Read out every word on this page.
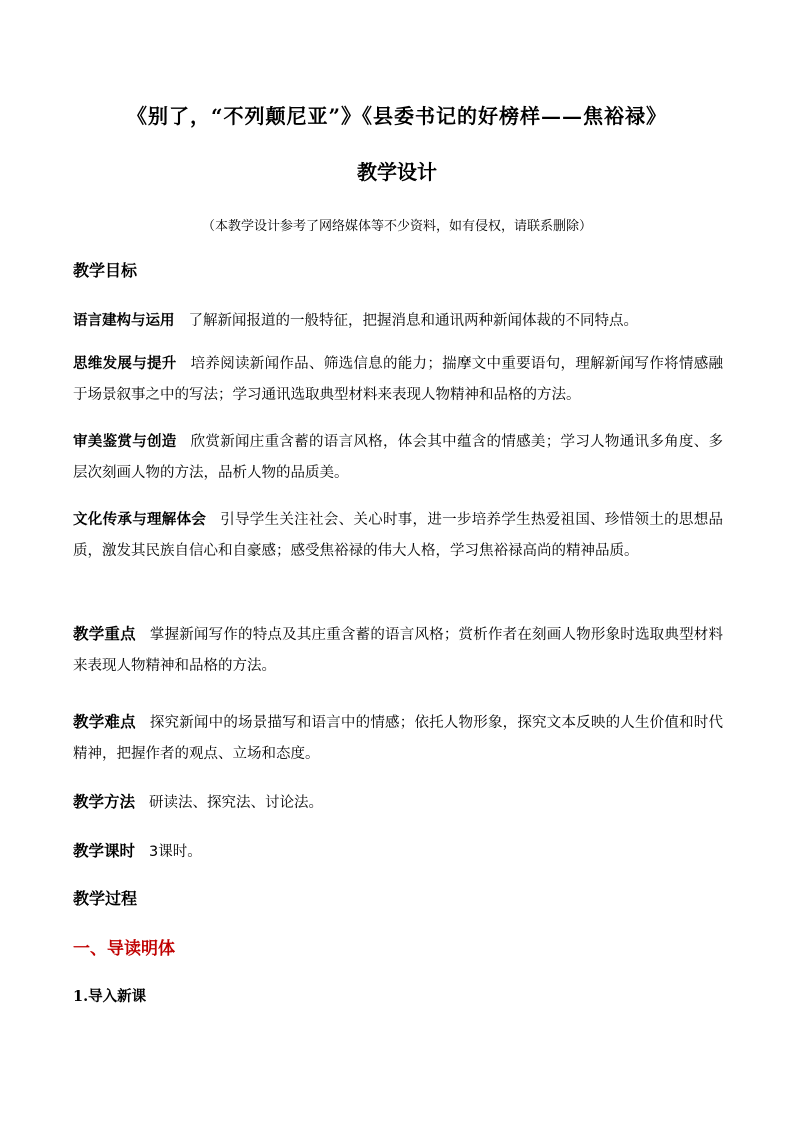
《别了，“不列颠尼亚”》《县委书记的好榜样——焦裕禄》
教学设计
（本教学设计参考了网络媒体等不少资料，如有侵权，请联系删除）
教学目标
语言建构与运用 了解新闻报道的一般特征，把握消息和通讯两种新闻体裁的不同特点。
思维发展与提升 培养阅读新闻作品、筛选信息的能力；揣摩文中重要语句，理解新闻写作将情感融于场景叙事之中的写法；学习通讯选取典型材料来表现人物精神和品格的方法。
审美鉴赏与创造 欣赏新闻庄重含蓄的语言风格，体会其中蕴含的情感美；学习人物通讯多角度、多层次刻画人物的方法，品析人物的品质美。
文化传承与理解体会 引导学生关注社会、关心时事，进一步培养学生热爱祖国、珍惜领土的思想品质，激发其民族自信心和自豪感；感受焦裕禄的伟大人格，学习焦裕禄高尚的精神品质。
教学重点 掌握新闻写作的特点及其庄重含蓄的语言风格；赏析作者在刻画人物形象时选取典型材料来表现人物精神和品格的方法。
教学难点 探究新闻中的场景描写和语言中的情感；依托人物形象，探究文本反映的人生价值和时代精神，把握作者的观点、立场和态度。
教学方法 研读法、探究法、讨论法。
教学课时 3课时。
教学过程
一、导读明体
1.导入新课
